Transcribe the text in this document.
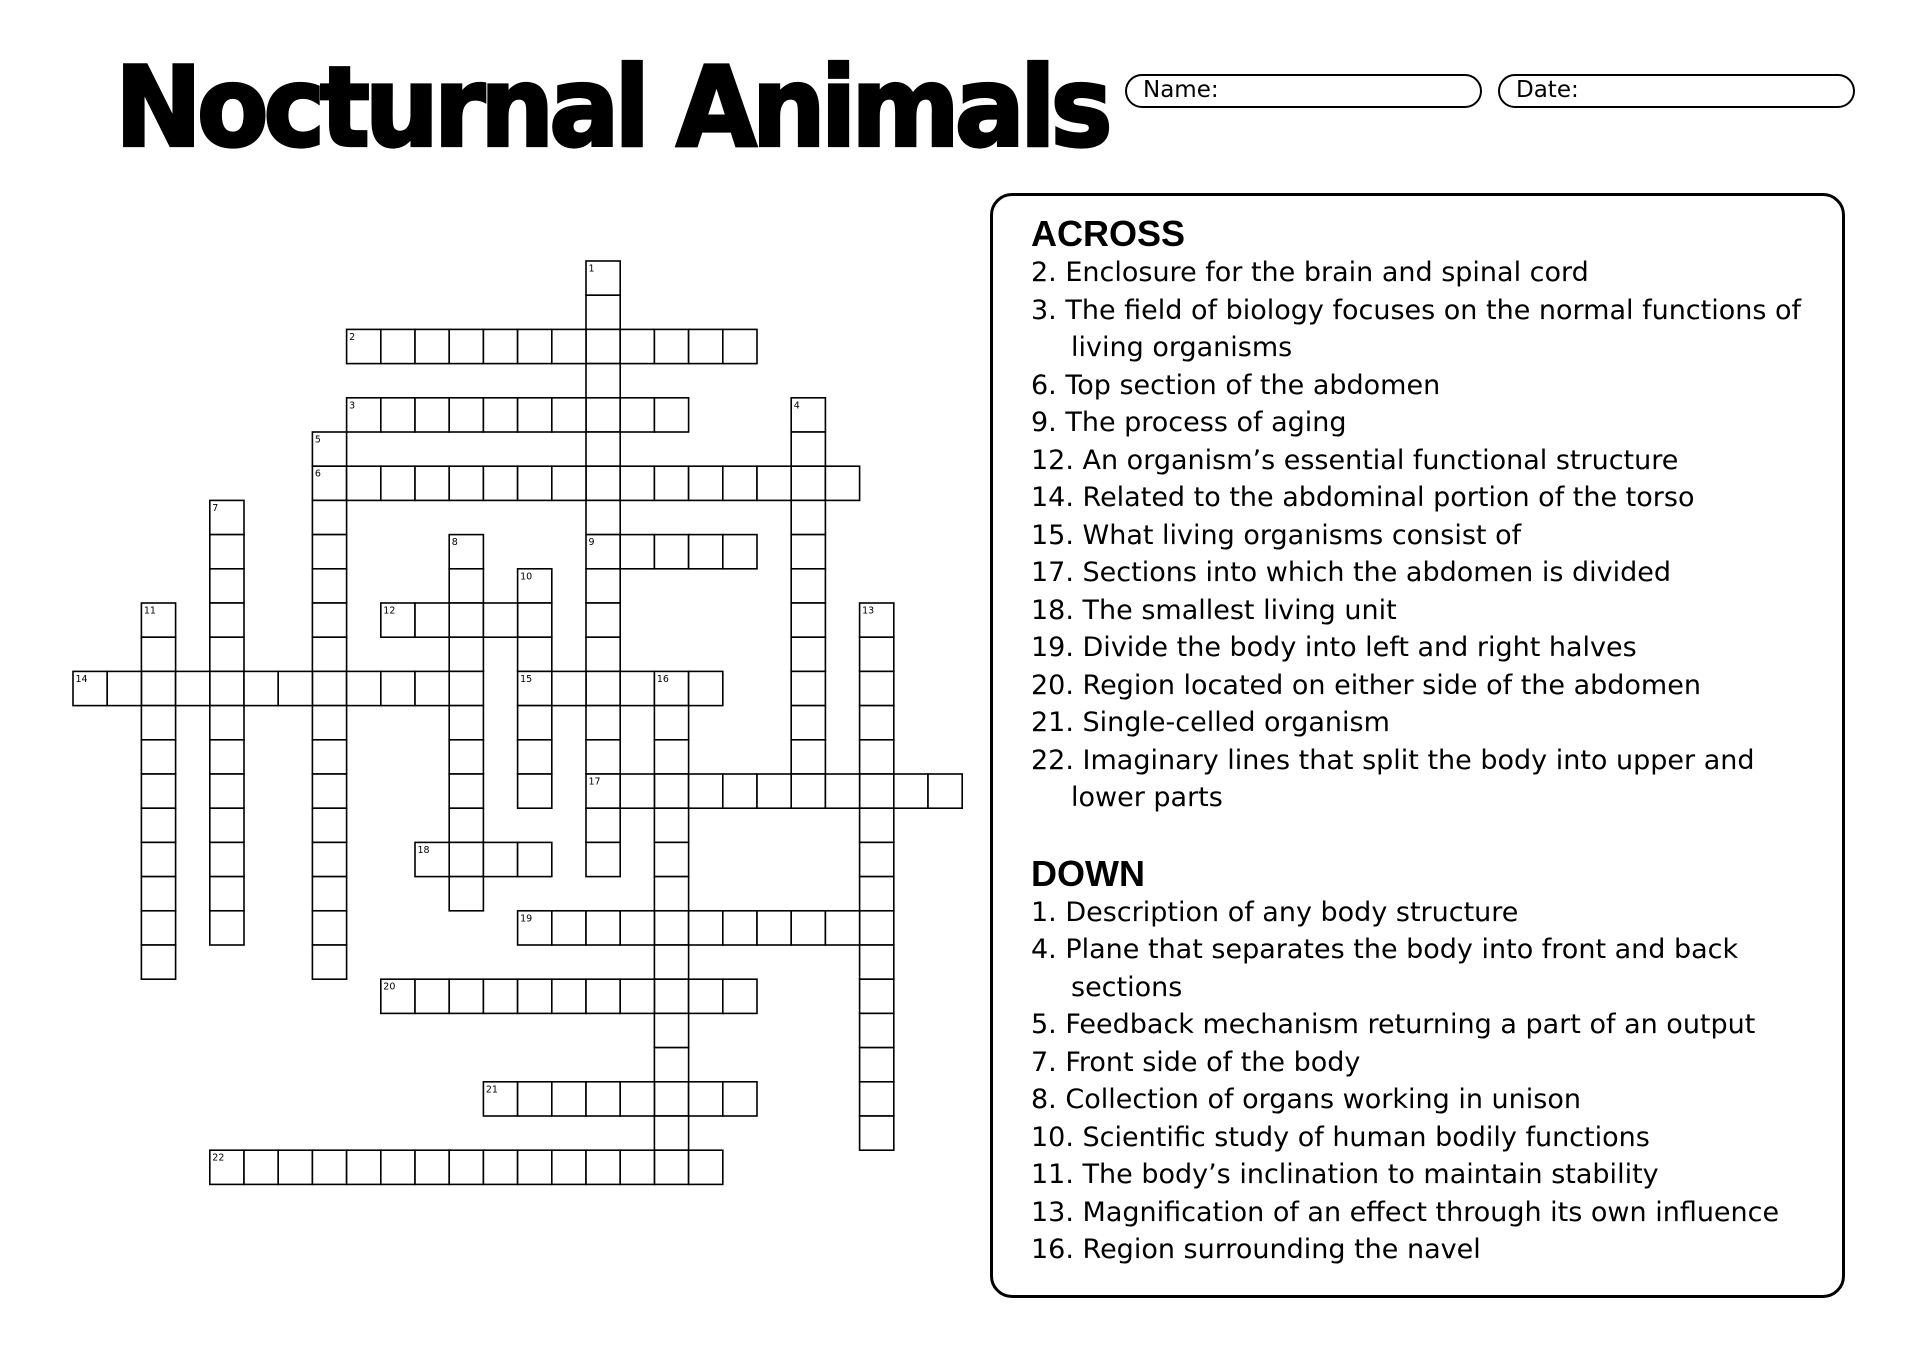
Nocturnal Animals	Name:	Date:
1
2
3	4
5
6
7
8	9
10
11	12	13
14	15	16
17
18
19
20
21
22
ACROSS

2. Enclosure for the brain and spinal cord

3. The field of biology focuses on the normal functions of living organisms

6. Top section of the abdomen

9. The process of aging

12. An organism’s essential functional structure

14. Related to the abdominal portion of the torso

15. What living organisms consist of

17. Sections into which the abdomen is divided

18. The smallest living unit

19. Divide the body into left and right halves

20. Region located on either side of the abdomen

21. Single-celled organism

22. Imaginary lines that split the body into upper and lower parts

DOWN

1. Description of any body structure

4. Plane that separates the body into front and back sections

5. Feedback mechanism returning a part of an output

7. Front side of the body

8. Collection of organs working in unison

10. Scientific study of human bodily functions

11. The body’s inclination to maintain stability

13. Magnification of an effect through its own influence

16. Region surrounding the navel
